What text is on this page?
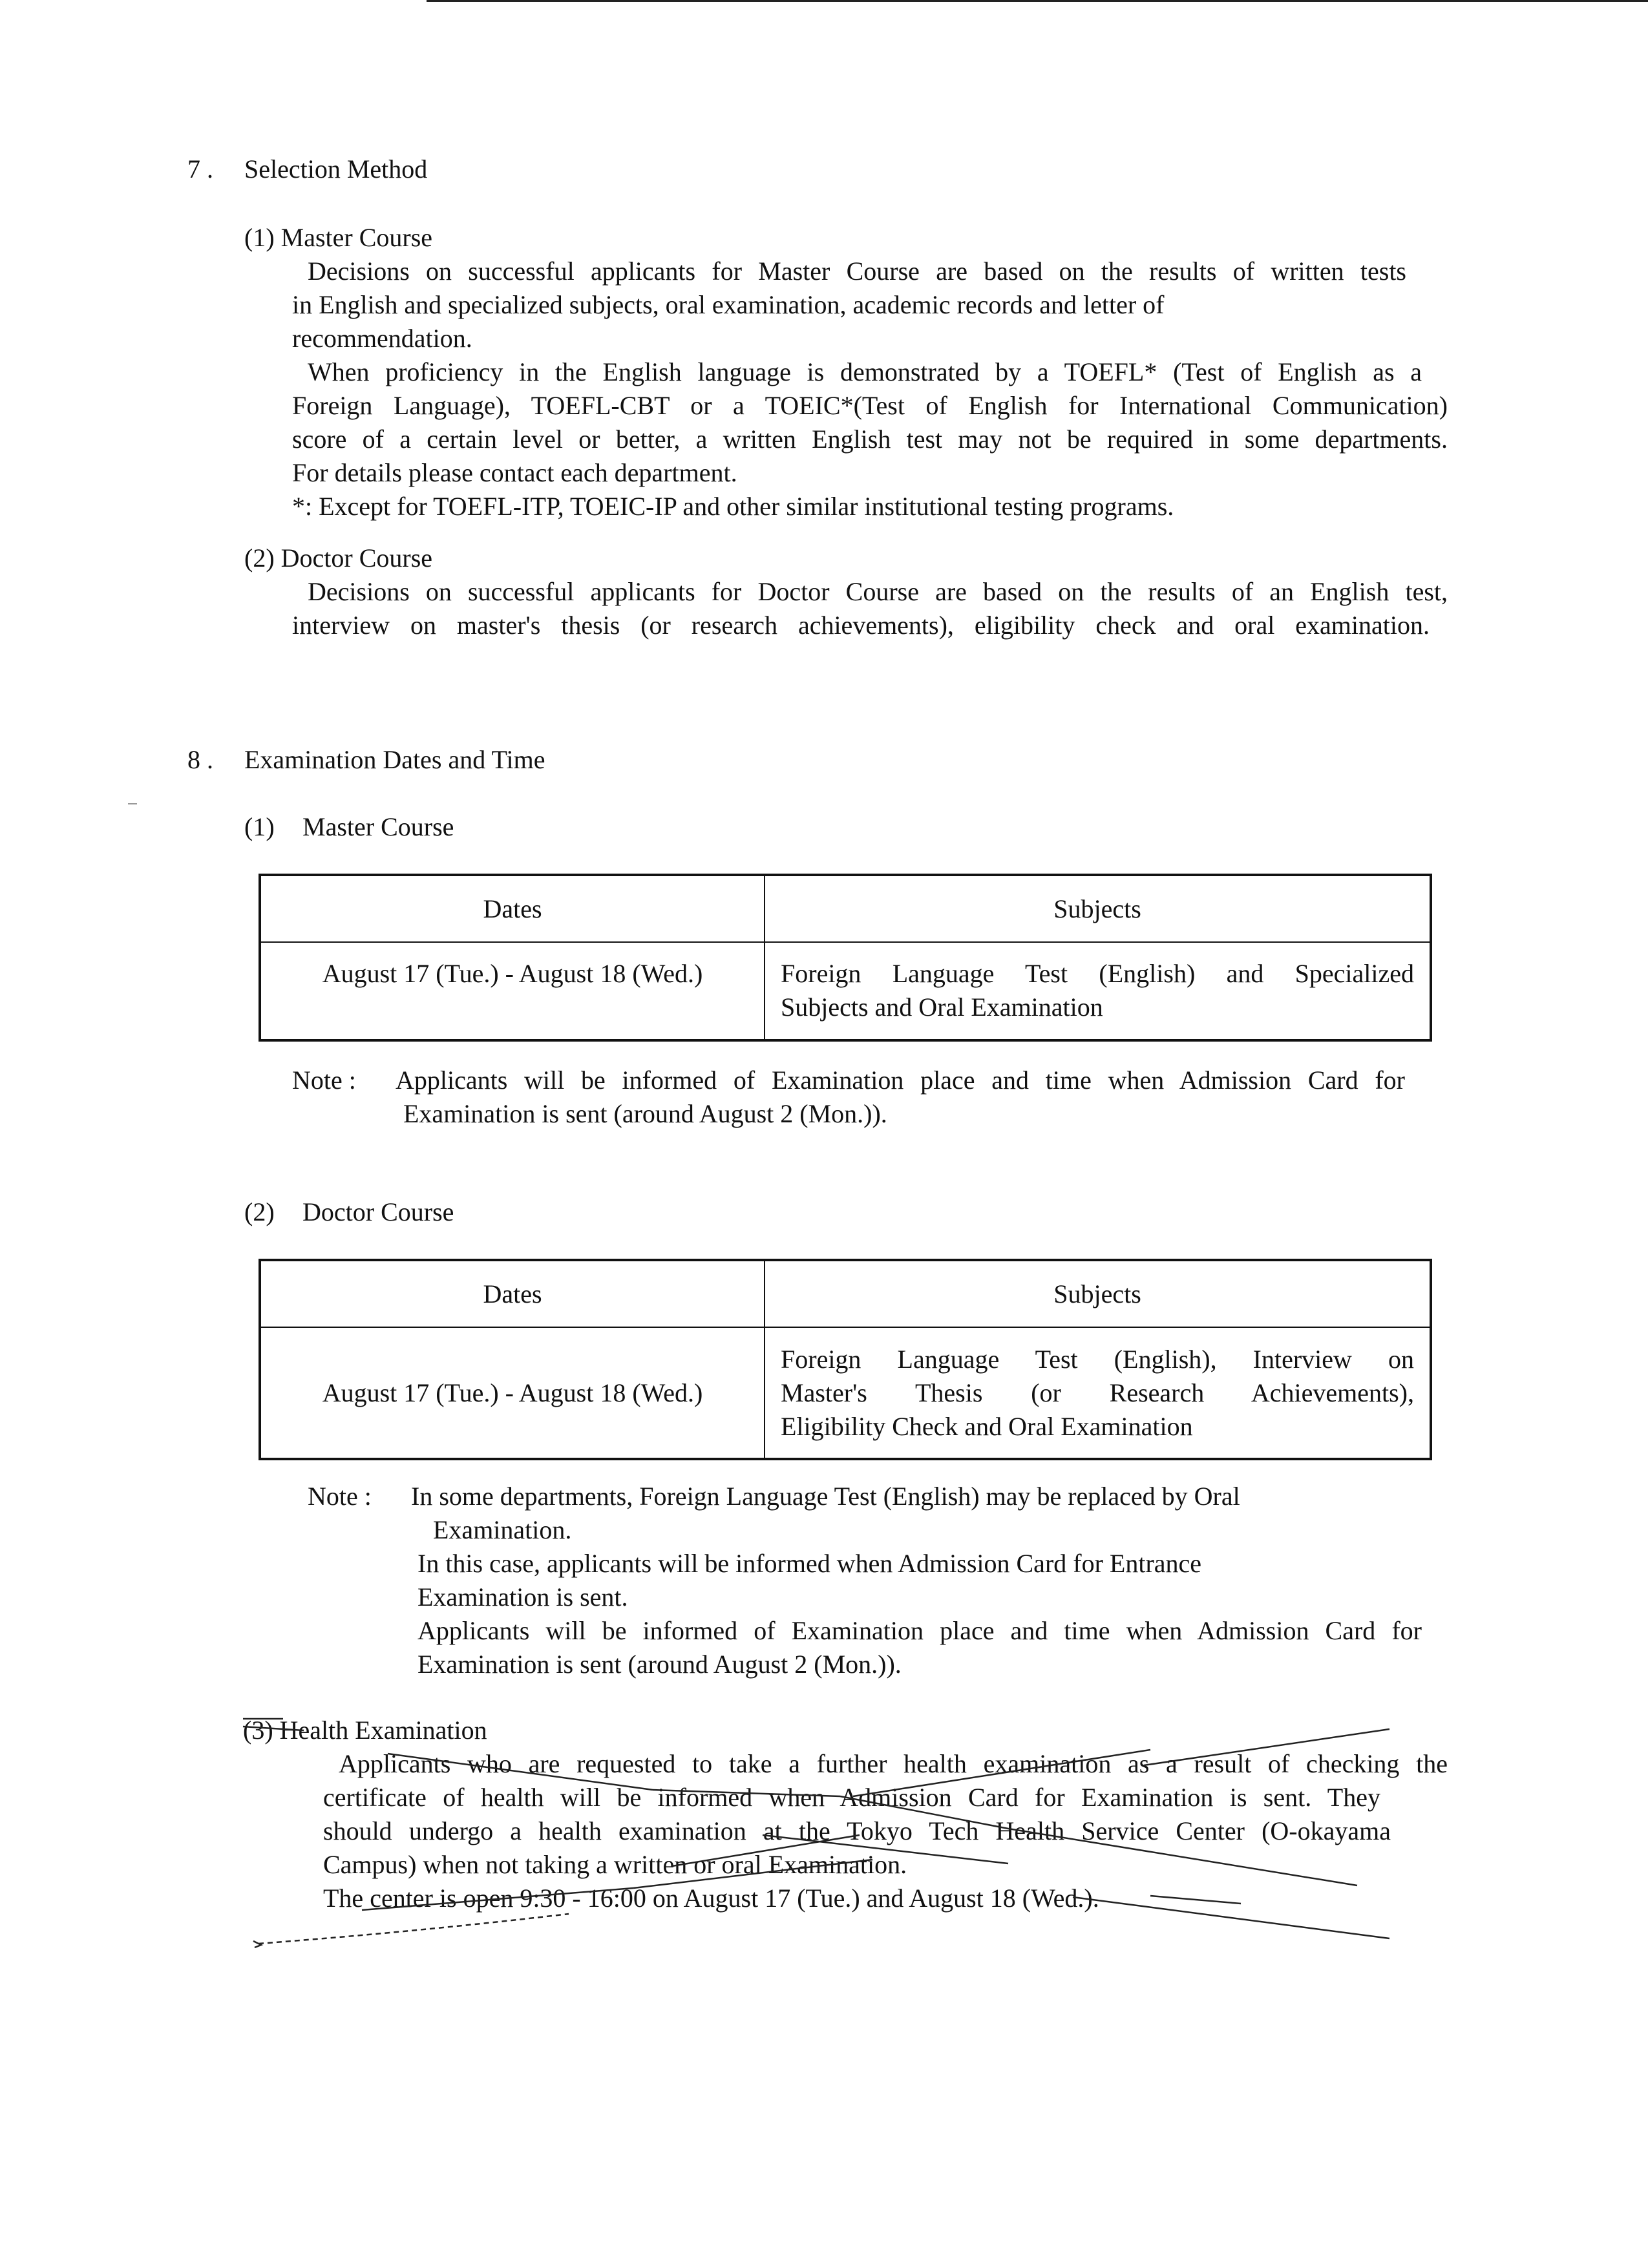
7 . Selection Method
(1) Master Course
Decisions on successful applicants for Master Course are based on the results of written tests
in English and specialized subjects, oral examination, academic records and letter of
recommendation.
When proficiency in the English language is demonstrated by a TOEFL* (Test of English as a
Foreign Language), TOEFL-CBT or a TOEIC*(Test of English for International Communication)
score of a certain level or better, a written English test may not be required in some departments.
For details please contact each department.
*: Except for TOEFL-ITP, TOEIC-IP and other similar institutional testing programs.
(2) Doctor Course
Decisions on successful applicants for Doctor Course are based on the results of an English test,
interview on master's thesis (or research achievements), eligibility check and oral examination.
8 . Examination Dates and Time
(1) Master Course
Dates	Subjects
August 17 (Tue.) - August 18 (Wed.)	Foreign Language Test (English) and Specialized
Subjects and Oral Examination
Note : Applicants will be informed of Examination place and time when Admission Card for
Examination is sent (around August 2 (Mon.)).
(2) Doctor Course
Dates	Subjects
August 17 (Tue.) - August 18 (Wed.)	Foreign Language Test (English), Interview on
Master's Thesis (or Research Achievements),
Eligibility Check and Oral Examination
Note : In some departments, Foreign Language Test (English) may be replaced by Oral
Examination.
In this case, applicants will be informed when Admission Card for Entrance
Examination is sent.
Applicants will be informed of Examination place and time when Admission Card for
Examination is sent (around August 2 (Mon.)).
(3) Health Examination
Applicants who are requested to take a further health examination as a result of checking the
certificate of health will be informed when Admission Card for Examination is sent. They
should undergo a health examination at the Tokyo Tech Health Service Center (O-okayama
Campus) when not taking a written or oral Examination.
The center is open 9:30 - 16:00 on August 17 (Tue.) and August 18 (Wed.).
